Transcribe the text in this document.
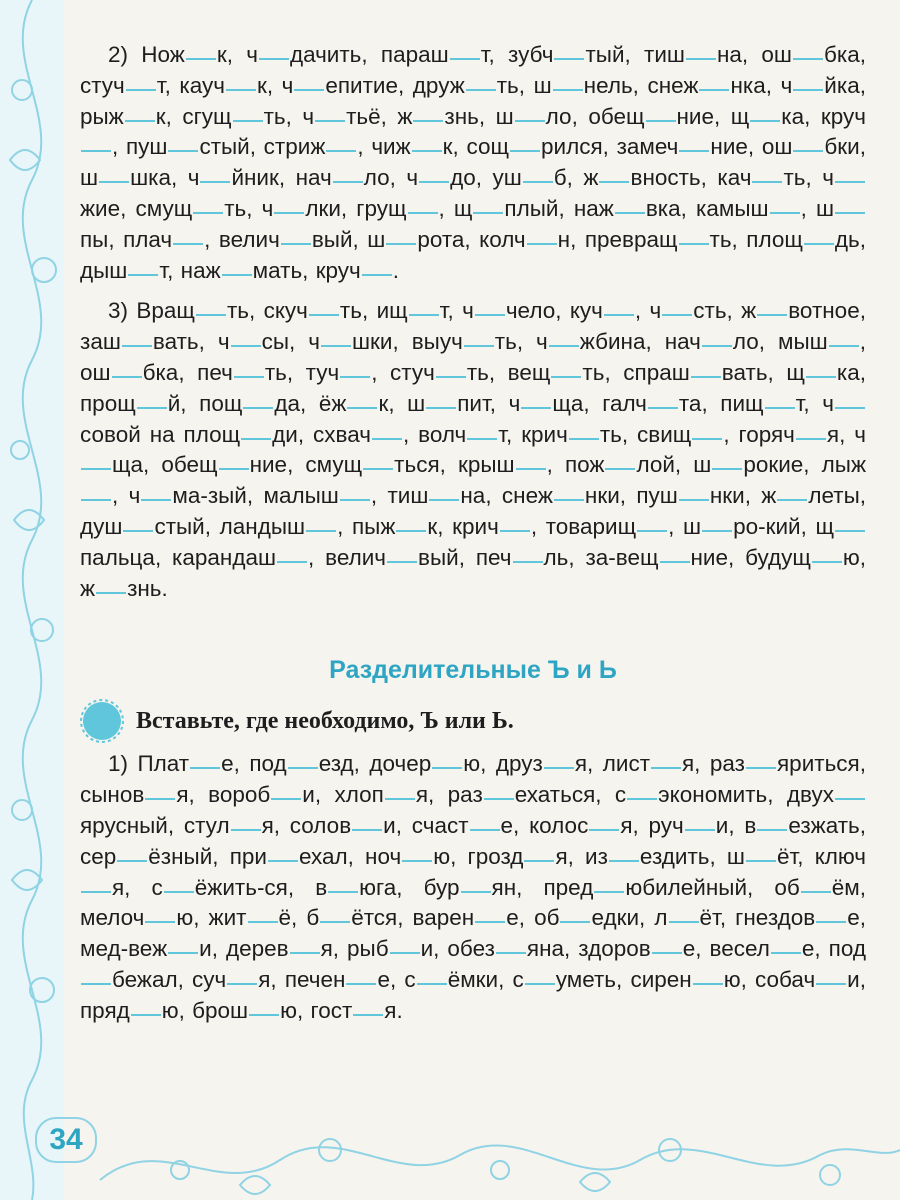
2) Нож к, ч дачить, параш т, зубч тый, тиш на, ош бка, стуч т, кауч к, ч епитие, друж ть, ш нель, снеж нка, ч йка, рыж к, сгущ ть, ч тьё, ж знь, ш ло, обещ ние, щ ка, круч, пуш стый, стриж , чиж к, сощ рился, замеч ние, ош бки, ш шка, ч йник, нач ло, ч до, уш б, ж вность, кач ть, чжие, смущ ть, ч лки, грущ , щ плый, наж вка, камыш , шпы, плач , велич вый, ш рота, колч н, превращ ть, площ дь, дыш т, наж мать, круч .

3) Вращ ть, скуч ть, ищ т, ч чело, куч , ч сть, ж вотное, заш вать, ч сы, ч шки, выуч ть, ч жбина, нач ло, мыш , ош бка, печ ть, туч , стуч ть, вещ ть, спраш вать, щ ка, прощ й, пощ да, ёж к, ш пит, ч ща, галч та, пищ т, чсовой на площ ди, схвач , волч т, крич ть, свищ , горяч я, чща, обещ ние, смущ ться, крыш , пож лой, ш рокие, лыж, ч ма-зый, малыш , тиш на, снеж нки, пуш нки, ж леты, душ стый, ландыш , пыж к, крич , товарищ , ш ро-кий, щпальца, карандаш , велич вый, печ ль, за-вещ ние, будущ ю, ж знь.

Разделительные Ъ и Ь
Вставьте, где необходимо, Ъ или Ь.

1) Плат е, под езд, дочер ю, друз я, лист я, раз яриться, сынов я, вороб и, хлоп я, раз ехаться, с экономить, двухярусный, стул я, солов и, счаст е, колос я, руч и, в езжать, сер ёзный, при ехал, ноч ю, грозд я, из ездить, ш ёт, ключя, с ёжить-ся, в юга, бур ян, пред юбилейный, об ём, мелоч ю, жит ё, б ётся, варен е, об едки, л ёт, гнездов е, мед-веж и, дерев я, рыб и, обез яна, здоров е, весел е, подбежал, суч я, печен е, с ёмки, с уметь, сирен ю, собач и, пряд ю, брош ю, гост я.

34
